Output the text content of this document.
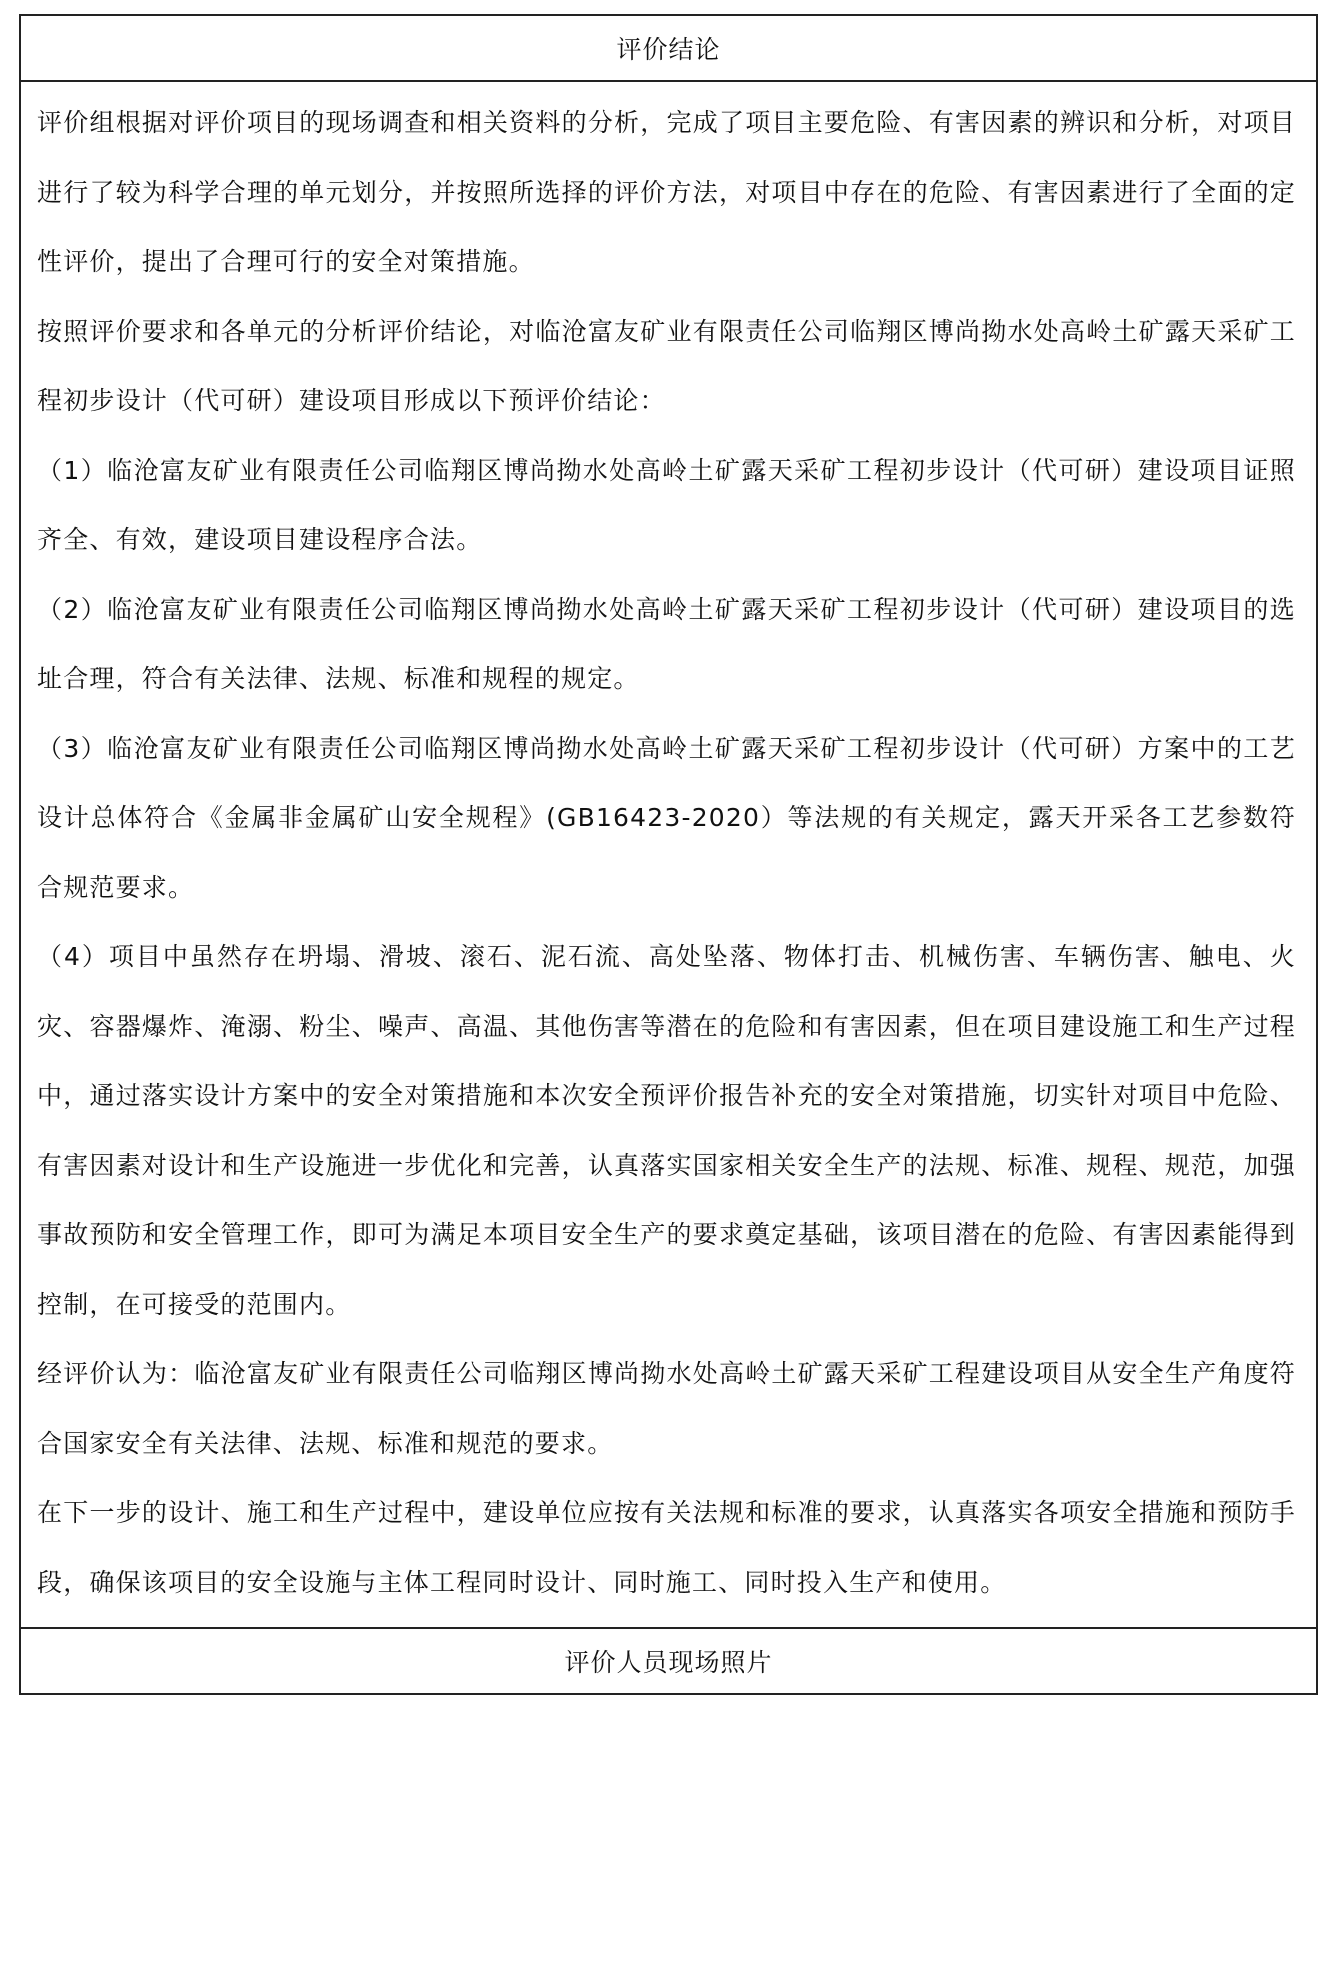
评价结论

评价组根据对评价项目的现场调查和相关资料的分析，完成了项目主要危险、有害因素的辨识和分析，对项目进行了较为科学合理的单元划分，并按照所选择的评价方法，对项目中存在的危险、有害因素进行了全面的定性评价，提出了合理可行的安全对策措施。

按照评价要求和各单元的分析评价结论，对临沧富友矿业有限责任公司临翔区博尚拗水处高岭土矿露天采矿工程初步设计（代可研）建设项目形成以下预评价结论：

（1）临沧富友矿业有限责任公司临翔区博尚拗水处高岭土矿露天采矿工程初步设计（代可研）建设项目证照齐全、有效，建设项目建设程序合法。

（2）临沧富友矿业有限责任公司临翔区博尚拗水处高岭土矿露天采矿工程初步设计（代可研）建设项目的选址合理，符合有关法律、法规、标准和规程的规定。

（3）临沧富友矿业有限责任公司临翔区博尚拗水处高岭土矿露天采矿工程初步设计（代可研）方案中的工艺设计总体符合《金属非金属矿山安全规程》(GB16423-2020）等法规的有关规定，露天开采各工艺参数符合规范要求。

（4）项目中虽然存在坍塌、滑坡、滚石、泥石流、高处坠落、物体打击、机械伤害、车辆伤害、触电、火灾、容器爆炸、淹溺、粉尘、噪声、高温、其他伤害等潜在的危险和有害因素，但在项目建设施工和生产过程中，通过落实设计方案中的安全对策措施和本次安全预评价报告补充的安全对策措施，切实针对项目中危险、有害因素对设计和生产设施进一步优化和完善，认真落实国家相关安全生产的法规、标准、规程、规范，加强事故预防和安全管理工作，即可为满足本项目安全生产的要求奠定基础，该项目潜在的危险、有害因素能得到控制，在可接受的范围内。

经评价认为：临沧富友矿业有限责任公司临翔区博尚拗水处高岭土矿露天采矿工程建设项目从安全生产角度符合国家安全有关法律、法规、标准和规范的要求。

在下一步的设计、施工和生产过程中，建设单位应按有关法规和标准的要求，认真落实各项安全措施和预防手段，确保该项目的安全设施与主体工程同时设计、同时施工、同时投入生产和使用。

评价人员现场照片
